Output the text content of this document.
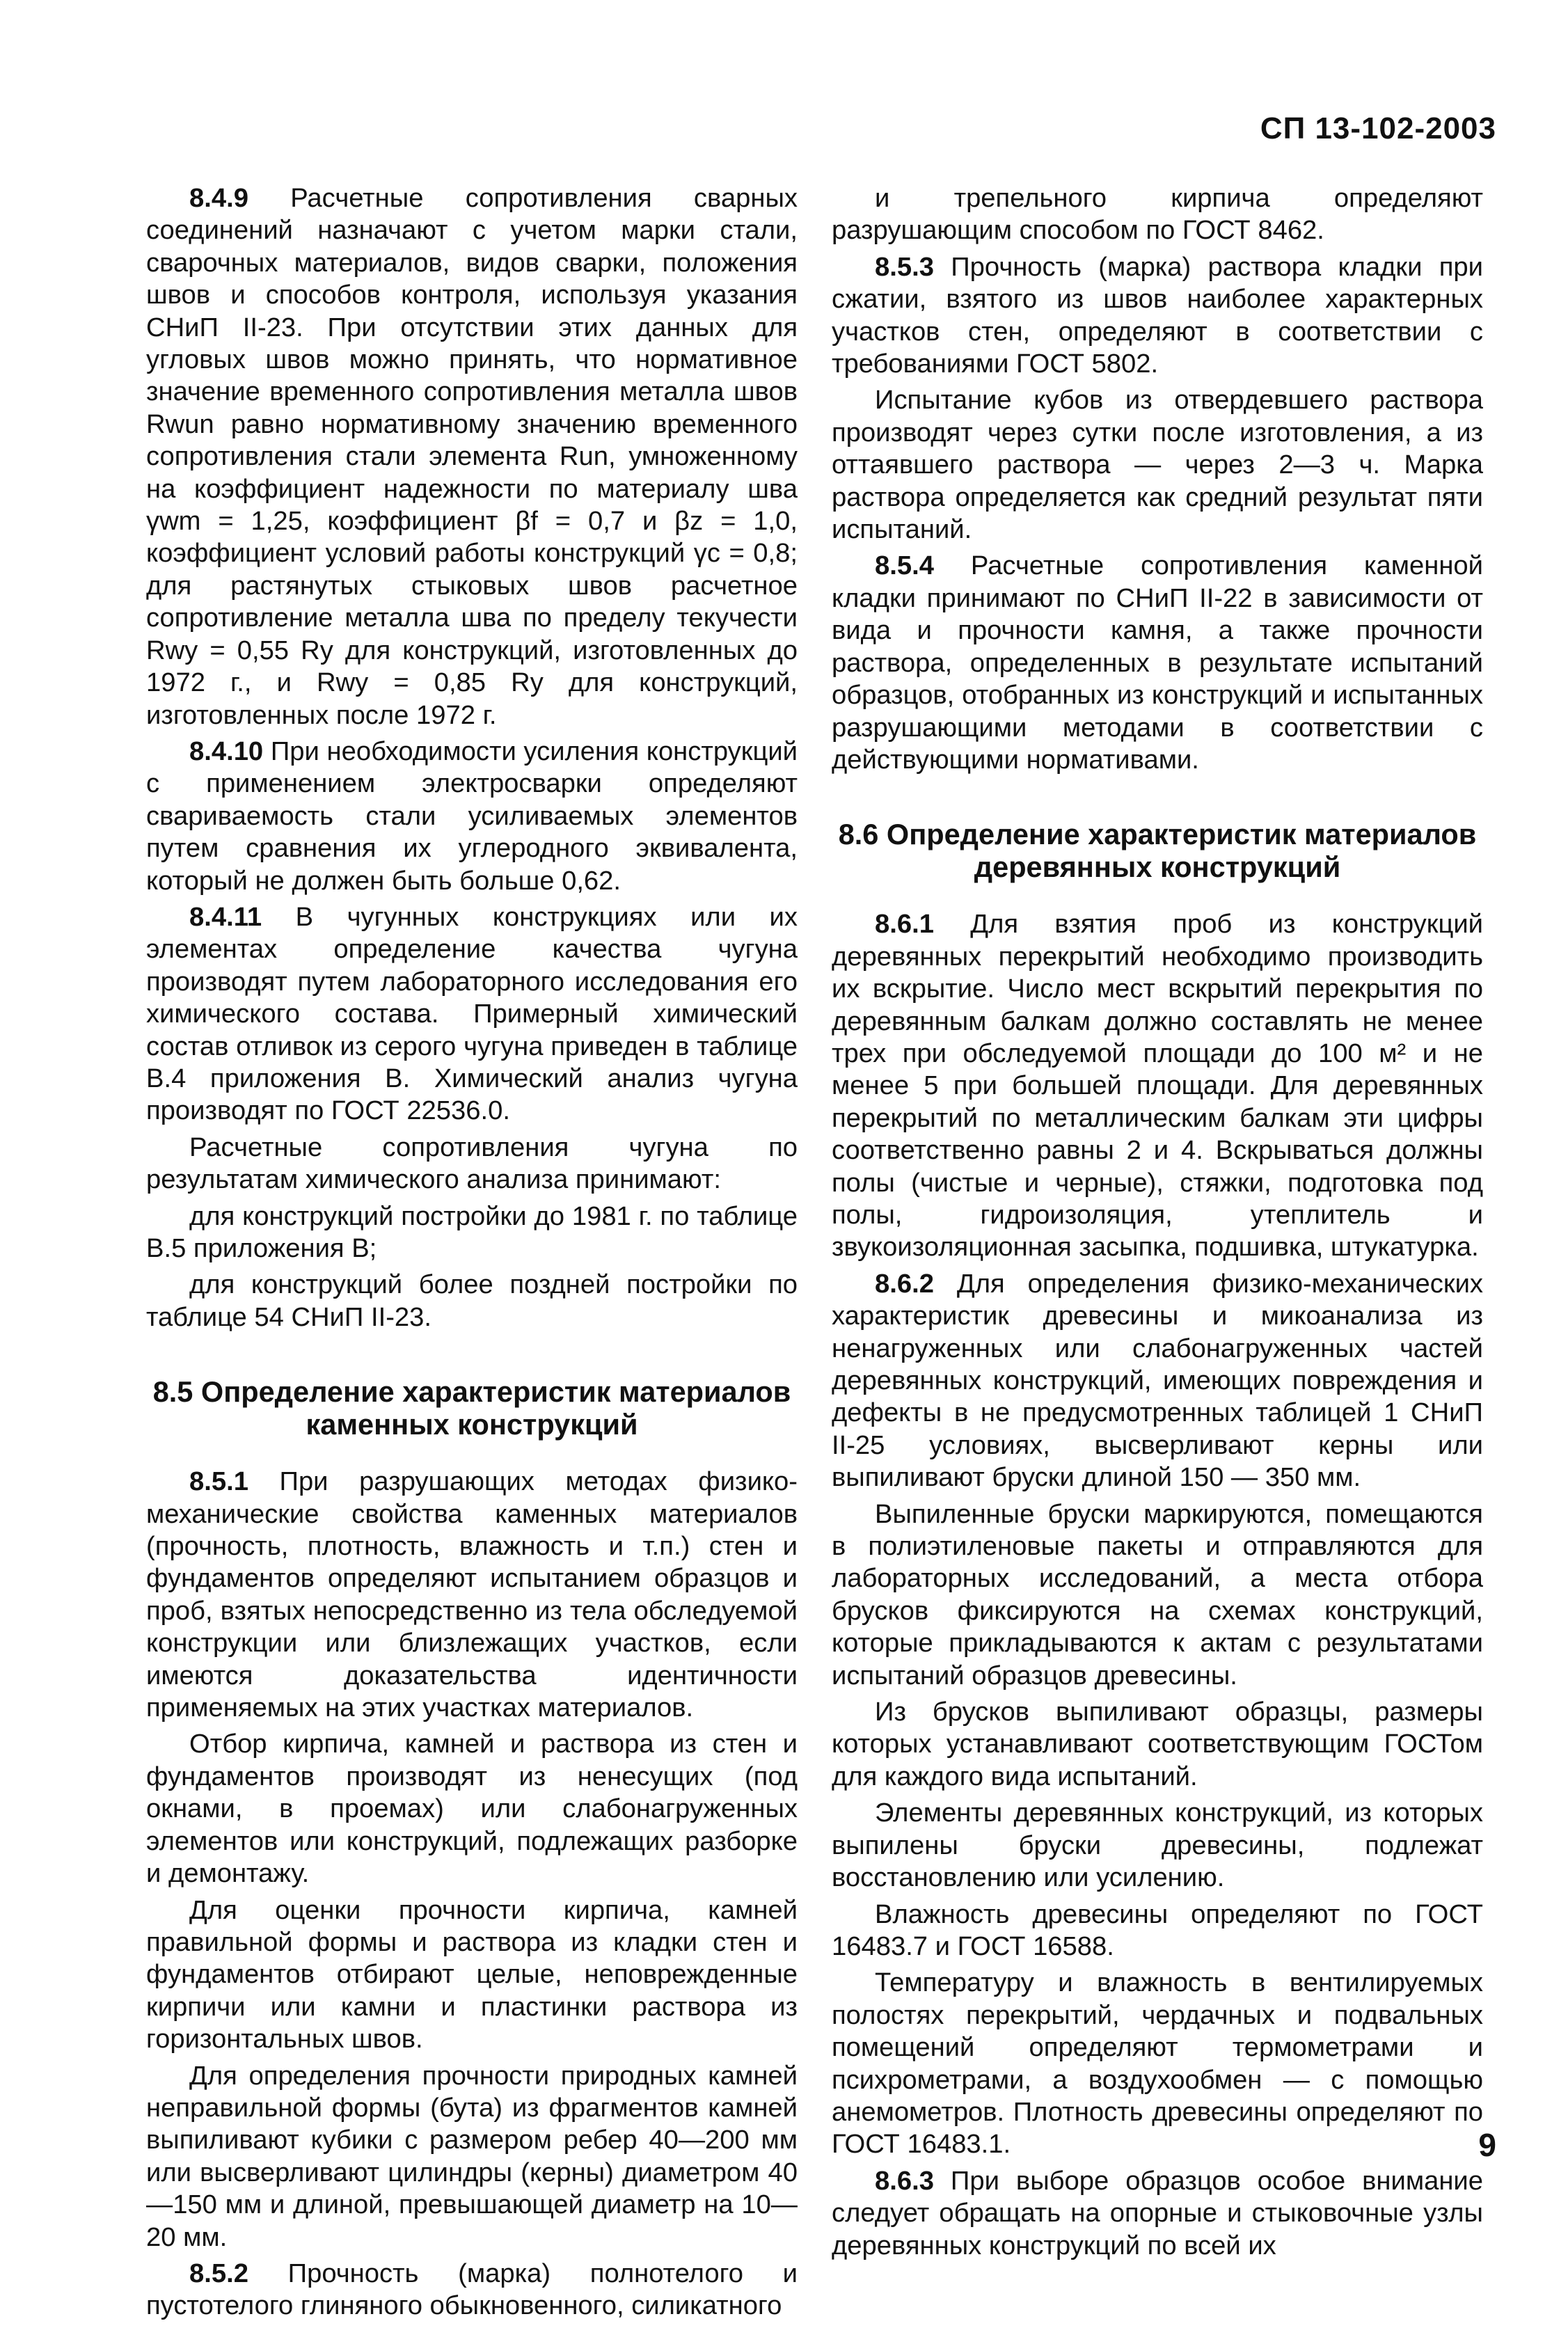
СП 13-102-2003

8.4.9 Расчетные сопротивления сварных соединений назначают с учетом марки стали, сварочных материалов, видов сварки, положения швов и способов контроля, используя указания СНиП II-23. При отсутствии этих данных для угловых швов можно принять, что нормативное значение временного сопротивления металла швов Rwun равно нормативному значению временного сопротивления стали элемента Run, умноженному на коэффициент надежности по материалу шва γwm = 1,25, коэффициент βf = 0,7 и βz = 1,0, коэффициент условий работы конструкций γc = 0,8; для растянутых стыковых швов расчетное сопротивление металла шва по пределу текучести Rwy = 0,55 Ry для конструкций, изготовленных до 1972 г., и Rwy = 0,85 Ry для конструкций, изготовленных после 1972 г.

8.4.10 При необходимости усиления конструкций с применением электросварки определяют свариваемость стали усиливаемых элементов путем сравнения их углеродного эквивалента, который не должен быть больше 0,62.

8.4.11 В чугунных конструкциях или их элементах определение качества чугуна производят путем лабораторного исследования его химического состава. Примерный химический состав отливок из серого чугуна приведен в таблице В.4 приложения В. Химический анализ чугуна производят по ГОСТ 22536.0.

Расчетные сопротивления чугуна по результатам химического анализа принимают:

для конструкций постройки до 1981 г. по таблице В.5 приложения В;

для конструкций более поздней постройки по таблице 54 СНиП II-23.

8.5 Определение характеристик материалов каменных конструкций

8.5.1 При разрушающих методах физико-механические свойства каменных материалов (прочность, плотность, влажность и т.п.) стен и фундаментов определяют испытанием образцов и проб, взятых непосредственно из тела обследуемой конструкции или близлежащих участков, если имеются доказательства идентичности применяемых на этих участках материалов.

Отбор кирпича, камней и раствора из стен и фундаментов производят из ненесущих (под окнами, в проемах) или слабонагруженных элементов или конструкций, подлежащих разборке и демонтажу.

Для оценки прочности кирпича, камней правильной формы и раствора из кладки стен и фундаментов отбирают целые, неповрежденные кирпичи или камни и пластинки раствора из горизонтальных швов.

Для определения прочности природных камней неправильной формы (бута) из фрагментов камней выпиливают кубики с размером ребер 40—200 мм или высверливают цилиндры (керны) диаметром 40—150 мм и длиной, превышающей диаметр на 10—20 мм.

8.5.2 Прочность (марка) полнотелого и пустотелого глиняного обыкновенного, силикатного

и трепельного кирпича определяют разрушающим способом по ГОСТ 8462.

8.5.3 Прочность (марка) раствора кладки при сжатии, взятого из швов наиболее характерных участков стен, определяют в соответствии с требованиями ГОСТ 5802.

Испытание кубов из отвердевшего раствора производят через сутки после изготовления, а из оттаявшего раствора — через 2—3 ч. Марка раствора определяется как средний результат пяти испытаний.

8.5.4 Расчетные сопротивления каменной кладки принимают по СНиП II-22 в зависимости от вида и прочности камня, а также прочности раствора, определенных в результате испытаний образцов, отобранных из конструкций и испытанных разрушающими методами в соответствии с действующими нормативами.

8.6 Определение характеристик материалов деревянных конструкций

8.6.1 Для взятия проб из конструкций деревянных перекрытий необходимо производить их вскрытие. Число мест вскрытий перекрытия по деревянным балкам должно составлять не менее трех при обследуемой площади до 100 м² и не менее 5 при большей площади. Для деревянных перекрытий по металлическим балкам эти цифры соответственно равны 2 и 4. Вскрываться должны полы (чистые и черные), стяжки, подготовка под полы, гидроизоляция, утеплитель и звукоизоляционная засыпка, подшивка, штукатурка.

8.6.2 Для определения физико-механических характеристик древесины и микоанализа из ненагруженных или слабонагруженных частей деревянных конструкций, имеющих повреждения и дефекты в не предусмотренных таблицей 1 СНиП II-25 условиях, высверливают керны или выпиливают бруски длиной 150 — 350 мм.

Выпиленные бруски маркируются, помещаются в полиэтиленовые пакеты и отправляются для лабораторных исследований, а места отбора брусков фиксируются на схемах конструкций, которые прикладываются к актам с результатами испытаний образцов древесины.

Из брусков выпиливают образцы, размеры которых устанавливают соответствующим ГОСТом для каждого вида испытаний.

Элементы деревянных конструкций, из которых выпилены бруски древесины, подлежат восстановлению или усилению.

Влажность древесины определяют по ГОСТ 16483.7 и ГОСТ 16588.

Температуру и влажность в вентилируемых полостях перекрытий, чердачных и подвальных помещений определяют термометрами и психрометрами, а воздухообмен — с помощью анемометров. Плотность древесины определяют по ГОСТ 16483.1.

8.6.3 При выборе образцов особое внимание следует обращать на опорные и стыковочные узлы деревянных конструкций по всей их

9
